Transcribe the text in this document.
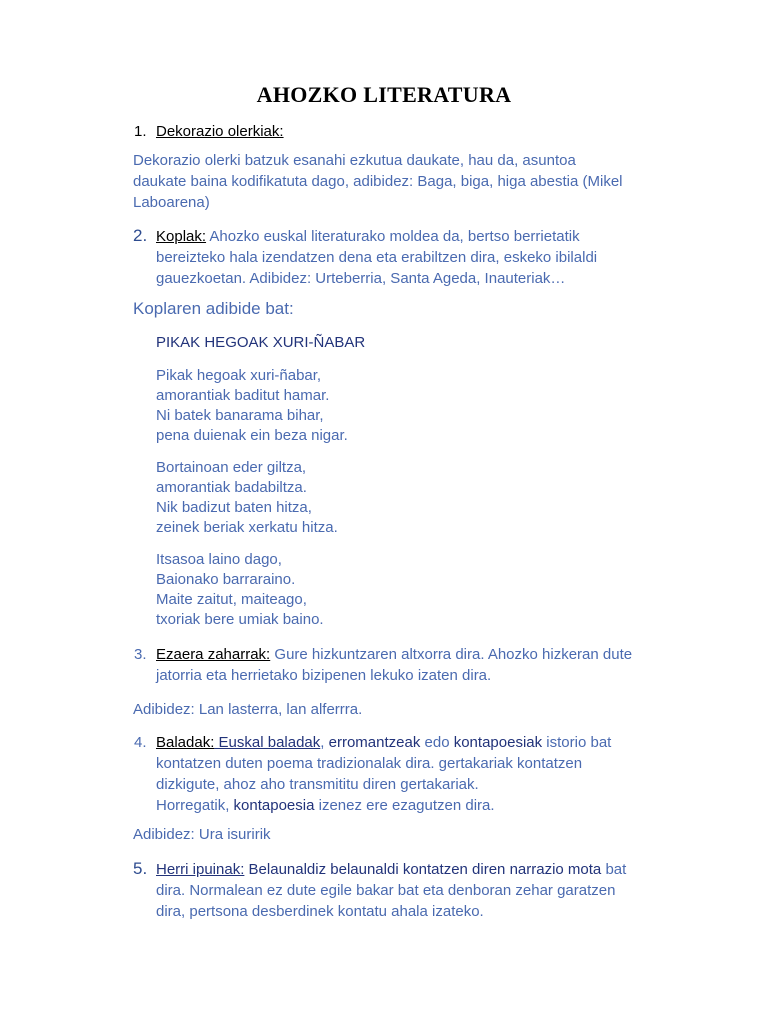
AHOZKO LITERATURA
1. Dekorazio olerkiak:
Dekorazio olerki batzuk esanahi ezkutua daukate, hau da, asuntoa
daukate baina kodifikatuta dago, adibidez: Baga, biga, higa abestia (Mikel
Laboarena)
2. Koplak: Ahozko euskal literaturako moldea da, bertso berrietatik
bereizteko hala izendatzen dena eta erabiltzen dira, eskeko ibilaldi
gauezkoetan. Adibidez: Urteberria, Santa Ageda, Inauteriak…
Koplaren adibide bat:
PIKAK HEGOAK XURI-ÑABAR
Pikak hegoak xuri-ñabar,
amorantiak baditut hamar.
Ni batek banarama bihar,
pena duienak ein beza nigar.
Bortainoan eder giltza,
amorantiak badabiltza.
Nik badizut baten hitza,
zeinek beriak xerkatu hitza.
Itsasoa laino dago,
Baionako barraraino.
Maite zaitut, maiteago,
txoriak bere umiak baino.
3. Ezaera zaharrak: Gure hizkuntzaren altxorra dira. Ahozko hizkeran dute
jatorria eta herrietako bizipenen lekuko izaten dira.
Adibidez: Lan lasterra, lan alferrra.
4. Baladak: Euskal baladak, erromantzeak edo kontapoesiak istorio bat
kontatzen duten poema tradizionalak dira. gertakariak kontatzen
dizkigute, ahoz aho transmititu diren gertakariak.
Horregatik, kontapoesia izenez ere ezagutzen dira.
Adibidez: Ura isuririk
5. Herri ipuinak: Belaunaldiz belaunaldi kontatzen diren narrazio mota bat
dira. Normalean ez dute egile bakar bat eta denboran zehar garatzen
dira, pertsona desberdinek kontatu ahala izateko.
